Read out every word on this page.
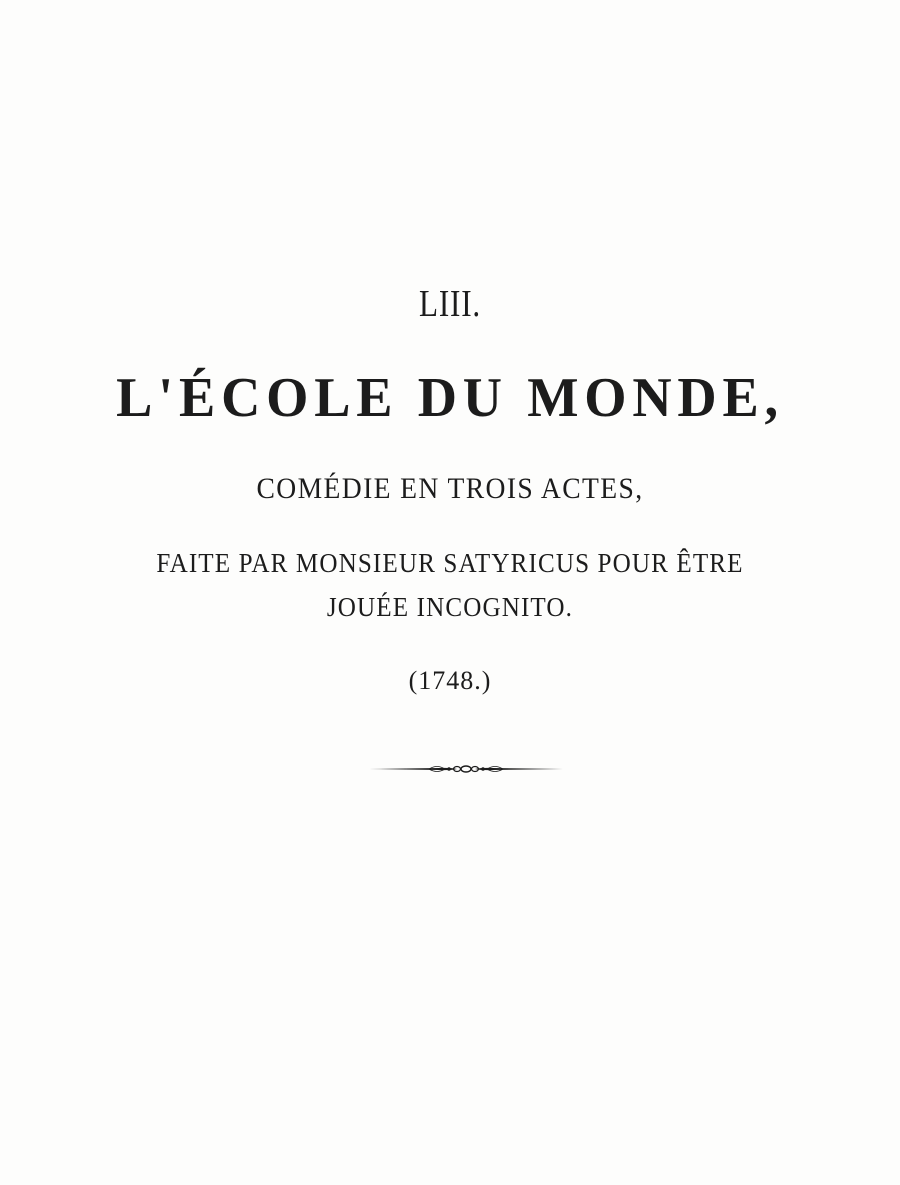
LIII.
L'ÉCOLE DU MONDE,
COMÉDIE EN TROIS ACTES,
FAITE PAR MONSIEUR SATYRICUS POUR ÊTRE
JOUÉE INCOGNITO.
(1748.)
